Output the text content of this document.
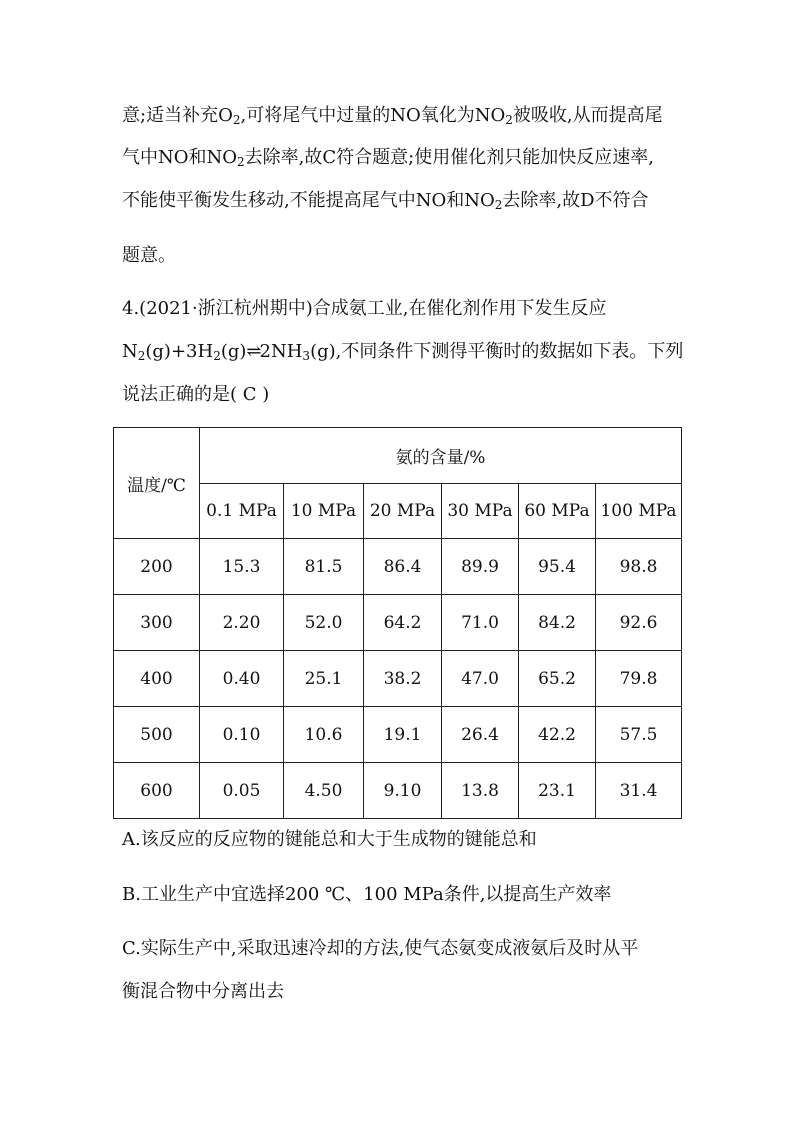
意;适当补充$O_2$,可将尾气中过量的NO氧化为$NO_2$被吸收,从而提高尾
气中NO和$NO_2$去除率,故C符合题意;使用催化剂只能加快反应速率,
不能使平衡发生移动,不能提高尾气中NO和$NO_2$去除率,故D不符合
题意。
4.(2021·浙江杭州期中)合成氨工业,在催化剂作用下发生反应
$N_2(g)+3H_2(g)\rightleftharpoons 2NH_3(g)$,不同条件下测得平衡时的数据如下表。下列
说法正确的是( C )
温度/℃	氨的含量/%					
	0.1 MPa	10 MPa	20 MPa	30 MPa	60 MPa	100 MPa
200	15.3	81.5	86.4	89.9	95.4	98.8
300	2.20	52.0	64.2	71.0	84.2	92.6
400	0.40	25.1	38.2	47.0	65.2	79.8
500	0.10	10.6	19.1	26.4	42.2	57.5
600	0.05	4.50	9.10	13.8	23.1	31.4
A.该反应的反应物的键能总和大于生成物的键能总和
B.工业生产中宜选择200 ℃、100 MPa条件,以提高生产效率
C.实际生产中,采取迅速冷却的方法,使气态氨变成液氨后及时从平
衡混合物中分离出去
